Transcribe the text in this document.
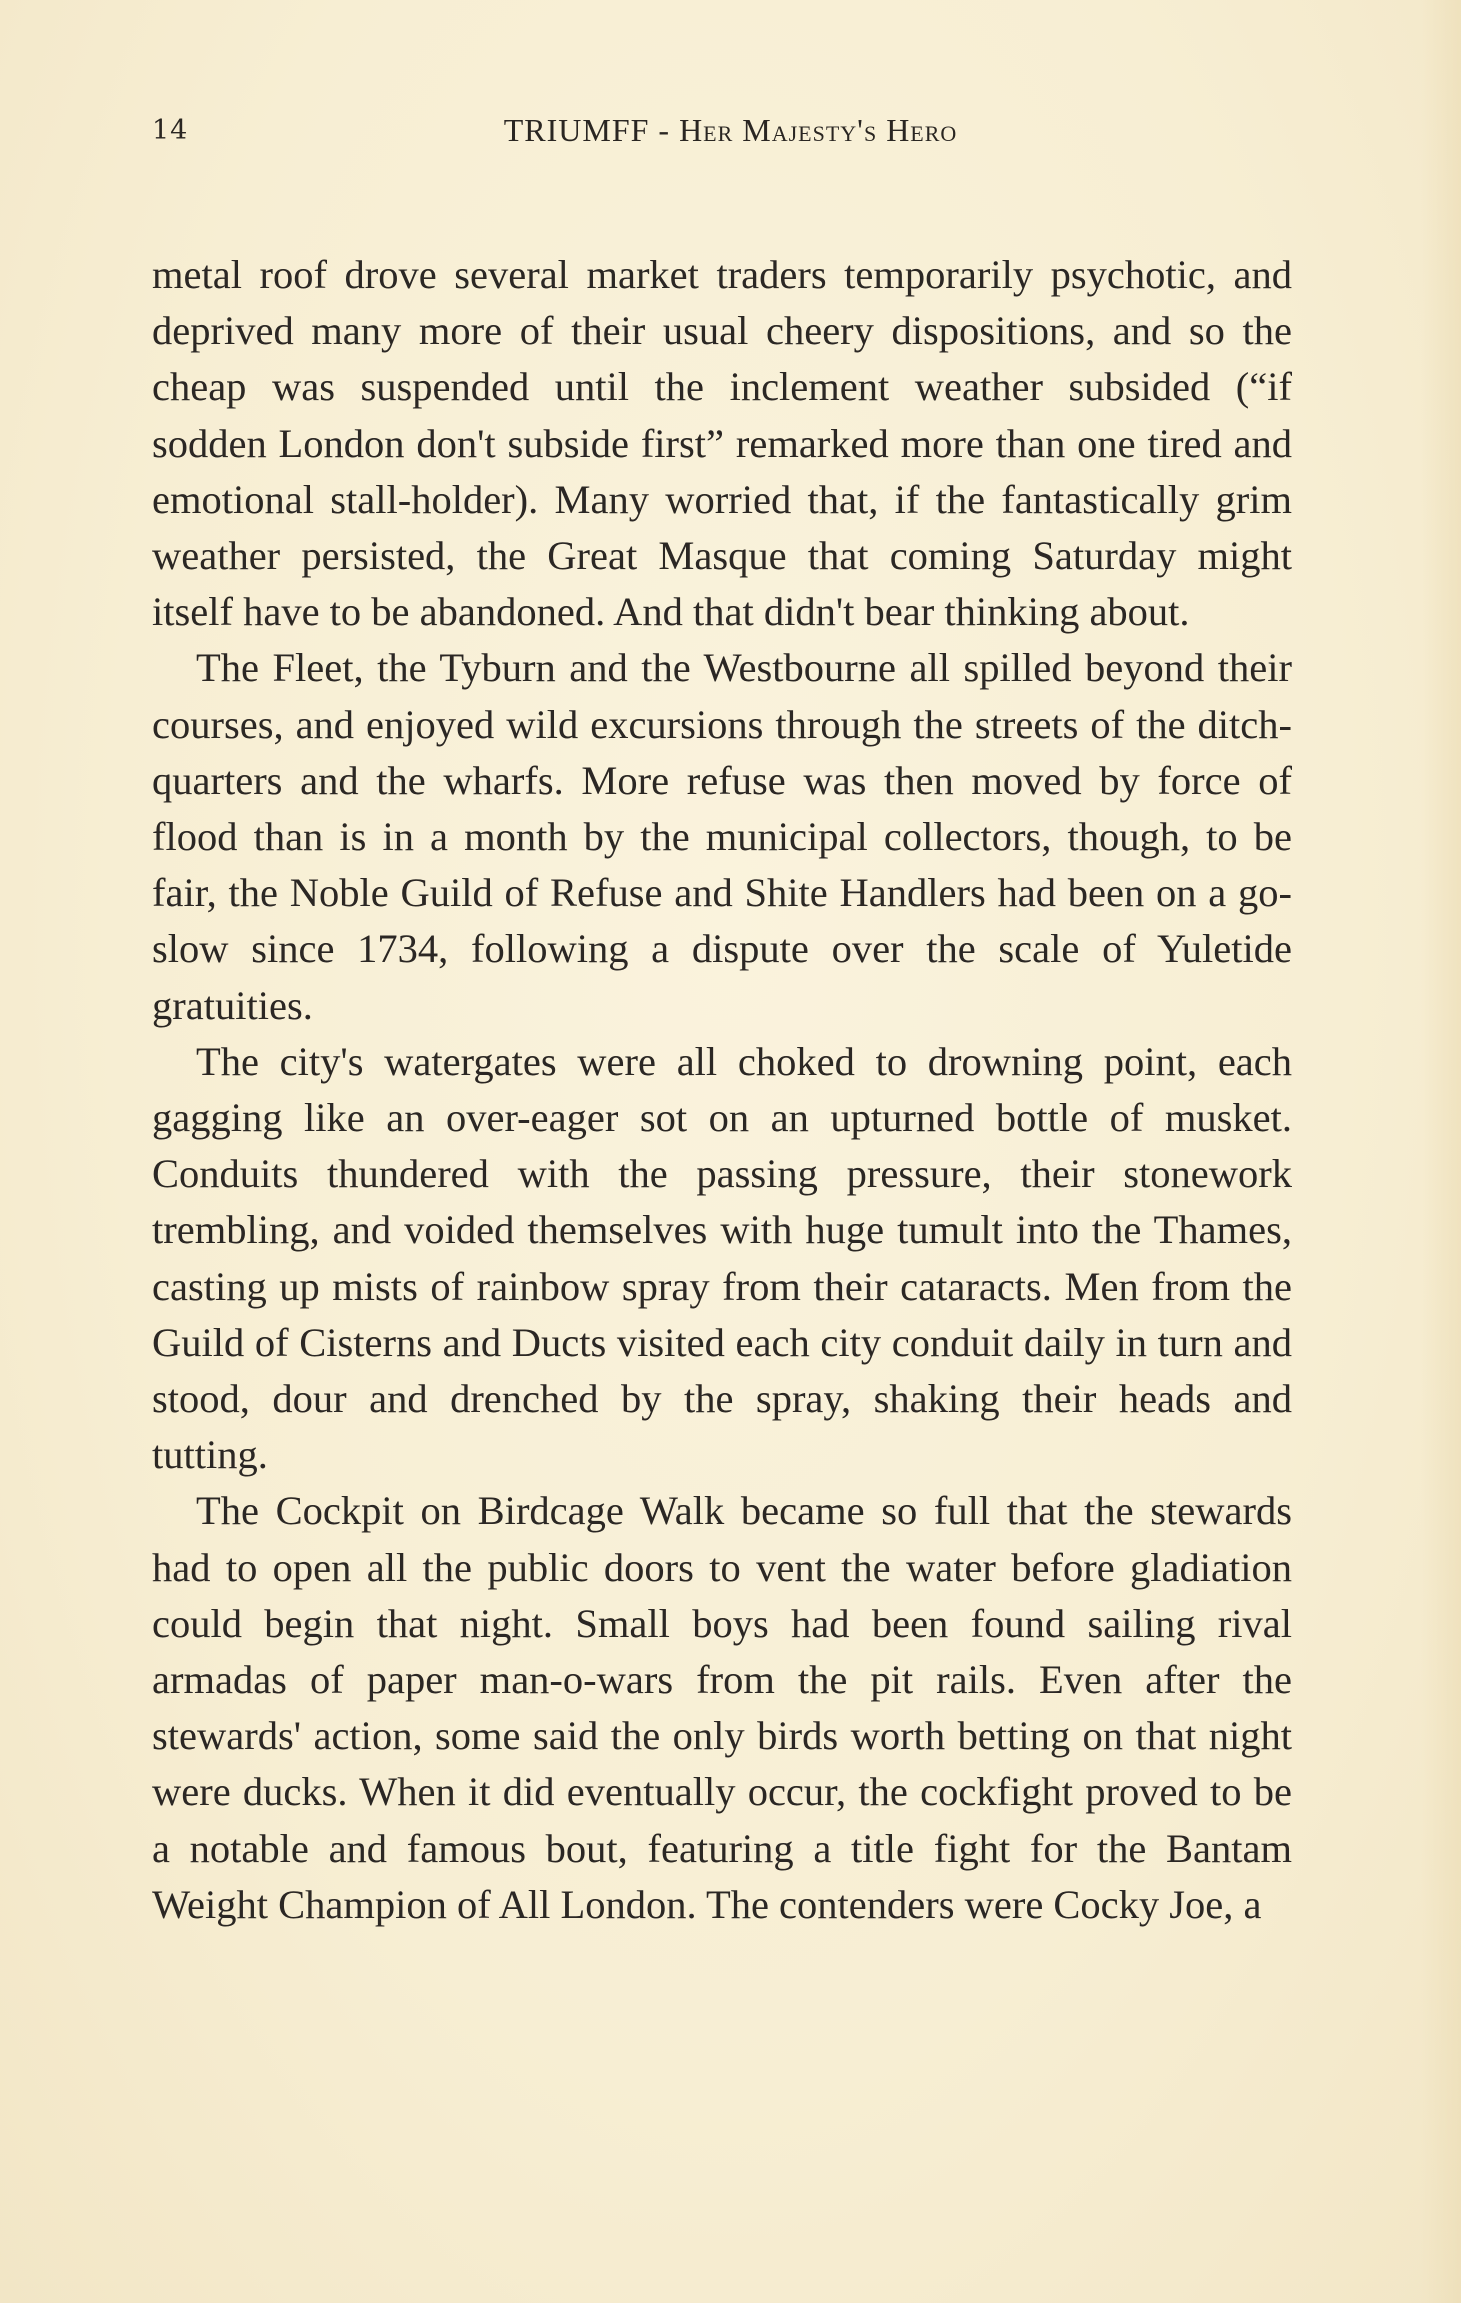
14	TRIUMFF - Her Majesty's Hero

metal roof drove several market traders temporarily psychotic, and deprived many more of their usual cheery dispositions, and so the cheap was suspended until the inclement weather subsided (“if sodden London don't subside first” remarked more than one tired and emotional stall-holder). Many worried that, if the fantastically grim weather persisted, the Great Masque that coming Saturday might itself have to be abandoned. And that didn't bear thinking about.

The Fleet, the Tyburn and the Westbourne all spilled beyond their courses, and enjoyed wild excursions through the streets of the ditch-quarters and the wharfs. More refuse was then moved by force of flood than is in a month by the municipal collectors, though, to be fair, the Noble Guild of Refuse and Shite Handlers had been on a go-slow since 1734, following a dispute over the scale of Yuletide gratuities.

The city's watergates were all choked to drowning point, each gagging like an over-eager sot on an upturned bottle of musket. Conduits thundered with the passing pressure, their stonework trembling, and voided themselves with huge tumult into the Thames, casting up mists of rainbow spray from their cataracts. Men from the Guild of Cisterns and Ducts visited each city conduit daily in turn and stood, dour and drenched by the spray, shaking their heads and tutting.

The Cockpit on Birdcage Walk became so full that the stewards had to open all the public doors to vent the water before gladiation could begin that night. Small boys had been found sailing rival armadas of paper man-o-wars from the pit rails. Even after the stewards' action, some said the only birds worth betting on that night were ducks. When it did eventually occur, the cockfight proved to be a notable and famous bout, featuring a title fight for the Bantam Weight Champion of All London. The contenders were Cocky Joe, a
